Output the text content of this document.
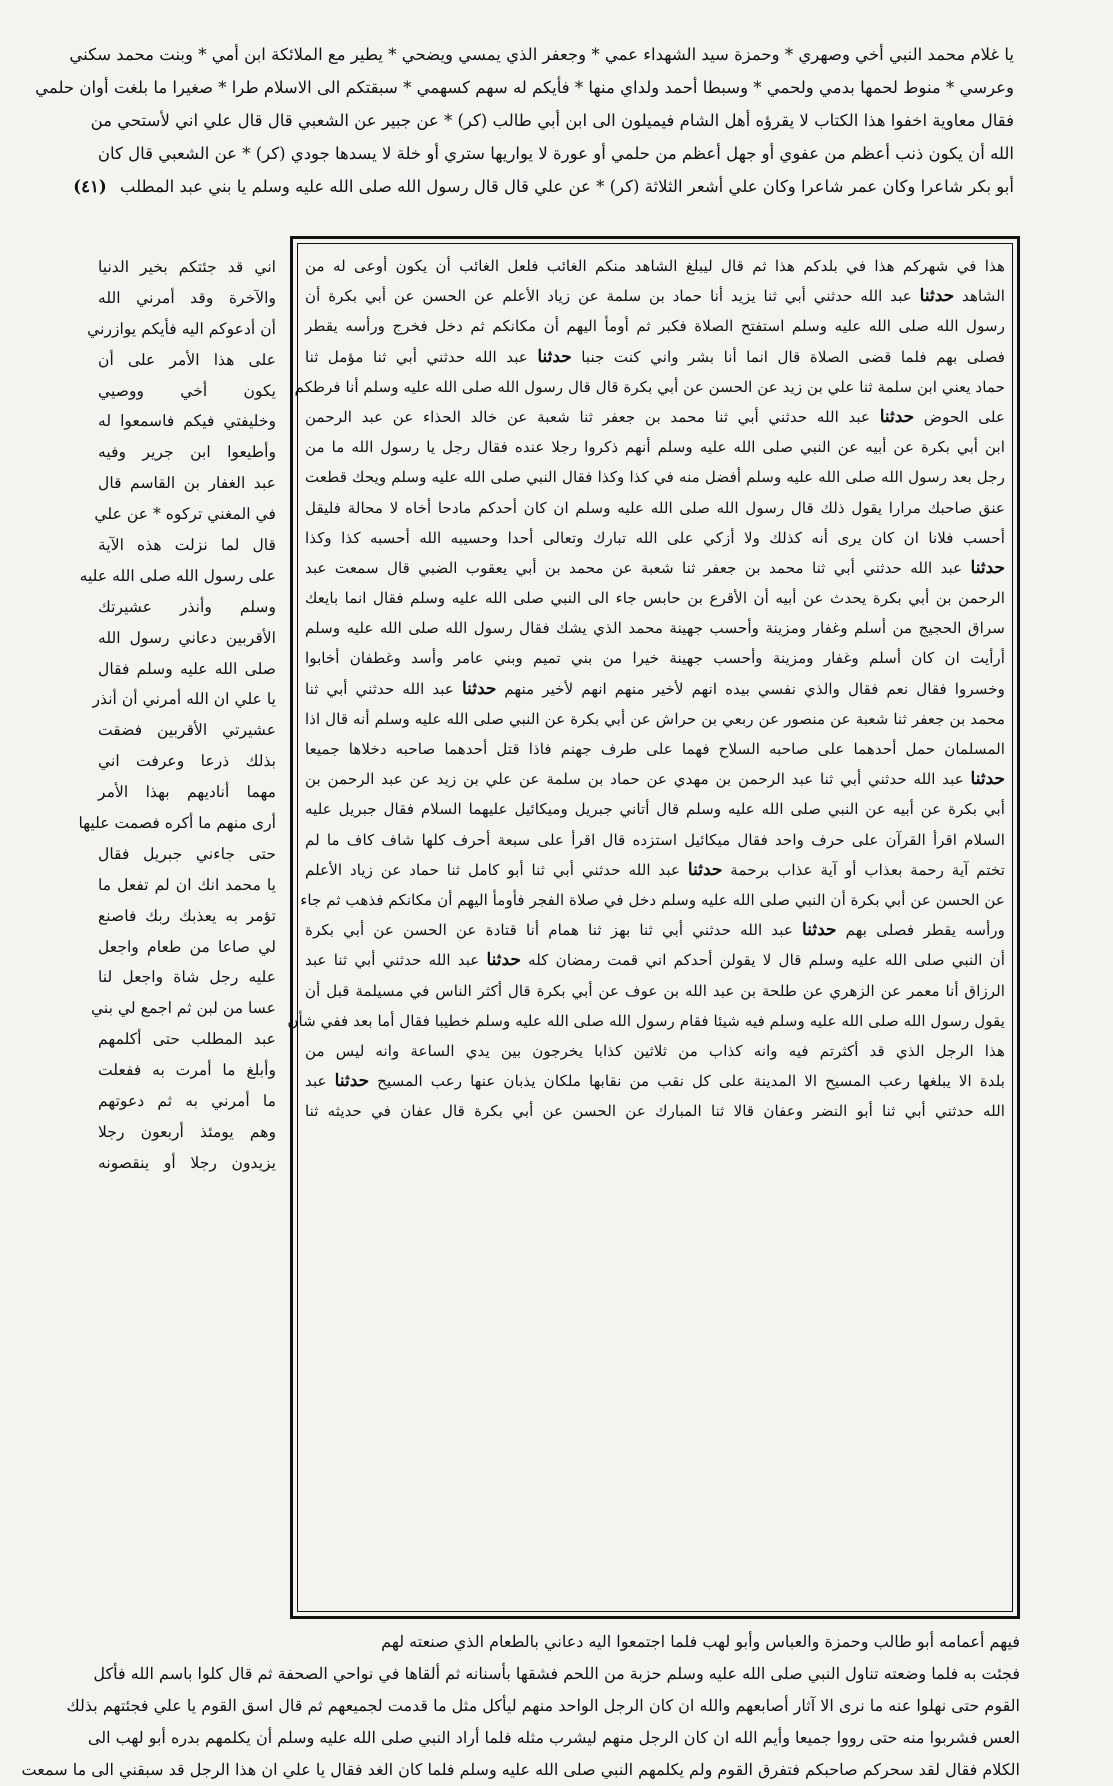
يا غلام محمد النبي أخي وصهري * وحمزة سيد الشهداء عمي * وجعفر الذي يمسي ويضحي * يطير مع الملائكة ابن أمي * وبنت محمد سكني
وعرسي * منوط لحمها بدمي ولحمي * وسبطا أحمد ولداي منها * فأيكم له سهم كسهمي * سبقتكم الى الاسلام طرا * صغيرا ما بلغت أوان حلمي
فقال معاوية اخفوا هذا الكتاب لا يقرؤه أهل الشام فيميلون الى ابن أبي طالب (كر) * عن جبير عن الشعبي قال قال علي اني لأستحي من
الله أن يكون ذنب أعظم من عفوي أو جهل أعظم من حلمي أو عورة لا يواريها ستري أو خلة لا يسدها جودي (كر) * عن الشعبي قال كان
أبو بكر شاعرا وكان عمر شاعرا وكان علي أشعر الثلاثة (كر) * عن علي قال قال رسول الله صلى الله عليه وسلم يا بني عبد المطلب (٤١)
اني قد جئتكم بخير الدنيا
والآخرة وقد أمرني الله
أن أدعوكم اليه فأيكم يوازرني
على هذا الأمر على أن
يكون أخي ووصيي
وخليفتي فيكم فاسمعوا له
وأطيعوا ابن جرير وفيه
عبد الغفار بن القاسم قال
في المغني تركوه * عن علي
قال لما نزلت هذه الآية
على رسول الله صلى الله عليه
وسلم وأنذر عشيرتك
الأقربين دعاني رسول الله
صلى الله عليه وسلم فقال
يا علي ان الله أمرني أن أنذر
عشيرتي الأقربين فضقت
بذلك ذرعا وعرفت اني
مهما أناديهم بهذا الأمر
أرى منهم ما أكره فصمت عليها
حتى جاءني جبريل فقال
يا محمد انك ان لم تفعل ما
تؤمر به يعذبك ربك فاصنع
لي صاعا من طعام واجعل
عليه رجل شاة واجعل لنا
عسا من لبن ثم اجمع لي بني
عبد المطلب حتى أكلمهم
وأبلغ ما أمرت به ففعلت
ما أمرني به ثم دعوتهم
وهم يومئذ أربعون رجلا
يزيدون رجلا أو ينقصونه
هذا في شهركم هذا في بلدكم هذا ثم قال ليبلغ الشاهد منكم الغائب فلعل الغائب أن يكون أوعى له من
الشاهد حدثنا عبد الله حدثني أبي ثنا يزيد أنا حماد بن سلمة عن زياد الأعلم عن الحسن عن أبي بكرة أن
رسول الله صلى الله عليه وسلم استفتح الصلاة فكبر ثم أومأ اليهم أن مكانكم ثم دخل فخرج ورأسه يقطر
فصلى بهم فلما قضى الصلاة قال انما أنا بشر واني كنت جنبا حدثنا عبد الله حدثني أبي ثنا مؤمل ثنا
حماد يعني ابن سلمة ثنا علي بن زيد عن الحسن عن أبي بكرة قال قال رسول الله صلى الله عليه وسلم أنا فرطكم
على الحوض حدثنا عبد الله حدثني أبي ثنا محمد بن جعفر ثنا شعبة عن خالد الحذاء عن عبد الرحمن
ابن أبي بكرة عن أبيه عن النبي صلى الله عليه وسلم أنهم ذكروا رجلا عنده فقال رجل يا رسول الله ما من
رجل بعد رسول الله صلى الله عليه وسلم أفضل منه في كذا وكذا فقال النبي صلى الله عليه وسلم ويحك قطعت
عنق صاحبك مرارا يقول ذلك قال رسول الله صلى الله عليه وسلم ان كان أحدكم مادحا أخاه لا محالة فليقل
أحسب فلانا ان كان يرى أنه كذلك ولا أزكي على الله تبارك وتعالى أحدا وحسيبه الله أحسبه كذا وكذا
حدثنا عبد الله حدثني أبي ثنا محمد بن جعفر ثنا شعبة عن محمد بن أبي يعقوب الضبي قال سمعت عبد
الرحمن بن أبي بكرة يحدث عن أبيه أن الأقرع بن حابس جاء الى النبي صلى الله عليه وسلم فقال انما بايعك
سراق الحجيج من أسلم وغفار ومزينة وأحسب جهينة محمد الذي يشك فقال رسول الله صلى الله عليه وسلم
أرأيت ان كان أسلم وغفار ومزينة وأحسب جهينة خيرا من بني تميم وبني عامر وأسد وغطفان أخابوا
وخسروا فقال نعم فقال والذي نفسي بيده انهم لأخير منهم انهم لأخير منهم حدثنا عبد الله حدثني أبي ثنا
محمد بن جعفر ثنا شعبة عن منصور عن ربعي بن حراش عن أبي بكرة عن النبي صلى الله عليه وسلم أنه قال اذا
المسلمان حمل أحدهما على صاحبه السلاح فهما على طرف جهنم فاذا قتل أحدهما صاحبه دخلاها جميعا
حدثنا عبد الله حدثني أبي ثنا عبد الرحمن بن مهدي عن حماد بن سلمة عن علي بن زيد عن عبد الرحمن بن
أبي بكرة عن أبيه عن النبي صلى الله عليه وسلم قال أتاني جبريل وميكائيل عليهما السلام فقال جبريل عليه
السلام اقرأ القرآن على حرف واحد فقال ميكائيل استزده قال اقرأ على سبعة أحرف كلها شاف كاف ما لم
تختم آية رحمة بعذاب أو آية عذاب برحمة حدثنا عبد الله حدثني أبي ثنا أبو كامل ثنا حماد عن زياد الأعلم
عن الحسن عن أبي بكرة أن النبي صلى الله عليه وسلم دخل في صلاة الفجر فأومأ اليهم أن مكانكم فذهب ثم جاء
ورأسه يقطر فصلى بهم حدثنا عبد الله حدثني أبي ثنا بهز ثنا همام أنا قتادة عن الحسن عن أبي بكرة
أن النبي صلى الله عليه وسلم قال لا يقولن أحدكم اني قمت رمضان كله حدثنا عبد الله حدثني أبي ثنا عبد
الرزاق أنا معمر عن الزهري عن طلحة بن عبد الله بن عوف عن أبي بكرة قال أكثر الناس في مسيلمة قبل أن
يقول رسول الله صلى الله عليه وسلم فيه شيئا فقام رسول الله صلى الله عليه وسلم خطيبا فقال أما بعد ففي شأن
هذا الرجل الذي قد أكثرتم فيه وانه كذاب من ثلاثين كذابا يخرجون بين يدي الساعة وانه ليس من
بلدة الا يبلغها رعب المسيح الا المدينة على كل نقب من نقابها ملكان يذبان عنها رعب المسيح حدثنا عبد
الله حدثني أبي ثنا أبو النضر وعفان قالا ثنا المبارك عن الحسن عن أبي بكرة قال عفان في حديثه ثنا
فيهم أعمامه أبو طالب وحمزة والعباس وأبو لهب فلما اجتمعوا اليه دعاني بالطعام الذي صنعته لهم
فجئت به فلما وضعته تناول النبي صلى الله عليه وسلم حزبة من اللحم فشقها بأسنانه ثم ألقاها في نواحي الصحفة ثم قال كلوا باسم الله فأكل
القوم حتى نهلوا عنه ما نرى الا آثار أصابعهم والله ان كان الرجل الواحد منهم ليأكل مثل ما قدمت لجميعهم ثم قال اسق القوم يا علي فجئتهم بذلك
العس فشربوا منه حتى رووا جميعا وأيم الله ان كان الرجل منهم ليشرب مثله فلما أراد النبي صلى الله عليه وسلم أن يكلمهم بدره أبو لهب الى
الكلام فقال لقد سحركم صاحبكم فتفرق القوم ولم يكلمهم النبي صلى الله عليه وسلم فلما كان الغد فقال يا علي ان هذا الرجل قد سبقني الى ما سمعت
